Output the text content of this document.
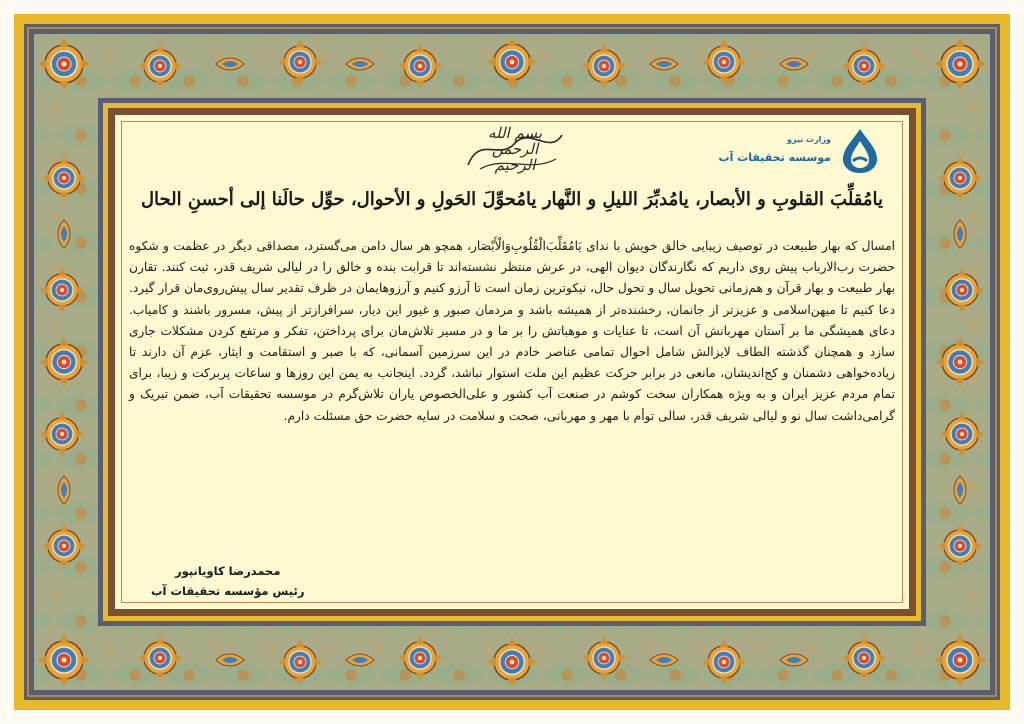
وزارت نیرو
موسسه تحقیقات آب
بسم الله الرحمن الرحیم
یامُقلِّبَ القلوبِ و الأبصار، یامُدبِّرَ اللیلِ و النَّهار یامُحوِّلَ الحَولِ و الأحوال، حوِّل حالَنا إلی أحسنِ الحال
امسال که بهار طبیعت در توصیف زیبایی خالق خویش با ندای یَامُقَلِّبَ‌الْقُلُوبِ‌وَالْأَبْصَار، همچو هر سال دامن می‌گسترد، مصداقی دیگر در عظمت و شکوه حضرت رب‌الارباب پیش روی داریم که نگارندگان دیوان الهی، در عرش منتظر نشسته‌اند تا قرابت بنده و خالق را در لیالی شریف قدر، ثبت کنند. تقارن بهار طبیعت و بهار قرآن و هم‌زمانی تحویل سال و تحول حال، نیکوترین زمان است تا آرزو کنیم و آرزوهایمان در ظرف تقدیر سال پیش‌روی‌مان قرار گیرد. دعا کنیم تا میهن‌اسلامی و عزیزتر از جانمان، رخشنده‌تر از همیشه باشد و مردمان صبور و غیور این دیار، سرافرازتر از پیش، مسرور باشند و کامیاب. دعای همیشگی ما بر آستان مهربانش آن است، تا عنایات و موهباتش را بر ما و در مسیر تلاش‌مان برای پرداختن، تفکر و مرتفع کردن مشکلات جاری سازد و همچنان گذشته الطاف لایزالش شامل احوال تمامی عناصر خادم در این سرزمین آسمانی، که با صبر و استقامت و ایثار، عزم آن دارند تا زیاده‌خواهی دشمنان و کج‌اندیشان، مانعی در برابر حرکت عظیم این ملت استوار نباشد، گردد. اینجانب به یمن این روزها و ساعات پربرکت و زیبا، برای تمام مردم عزیز ایران و به ویژه همکاران سخت کوشم در صنعت آب کشور و علی‌الخصوص یاران تلاش‌گرم در موسسه تحقیقات آب، ضمن تبریک و گرامی‌داشت سال نو و لیالی شریف قدر، سالی توأم با مهر و مهربانی، صحت و سلامت در سایه حضرت حق مسئلت دارم.
محمدرضا کاویانپور
رئیس مؤسسه تحقیقات آب
